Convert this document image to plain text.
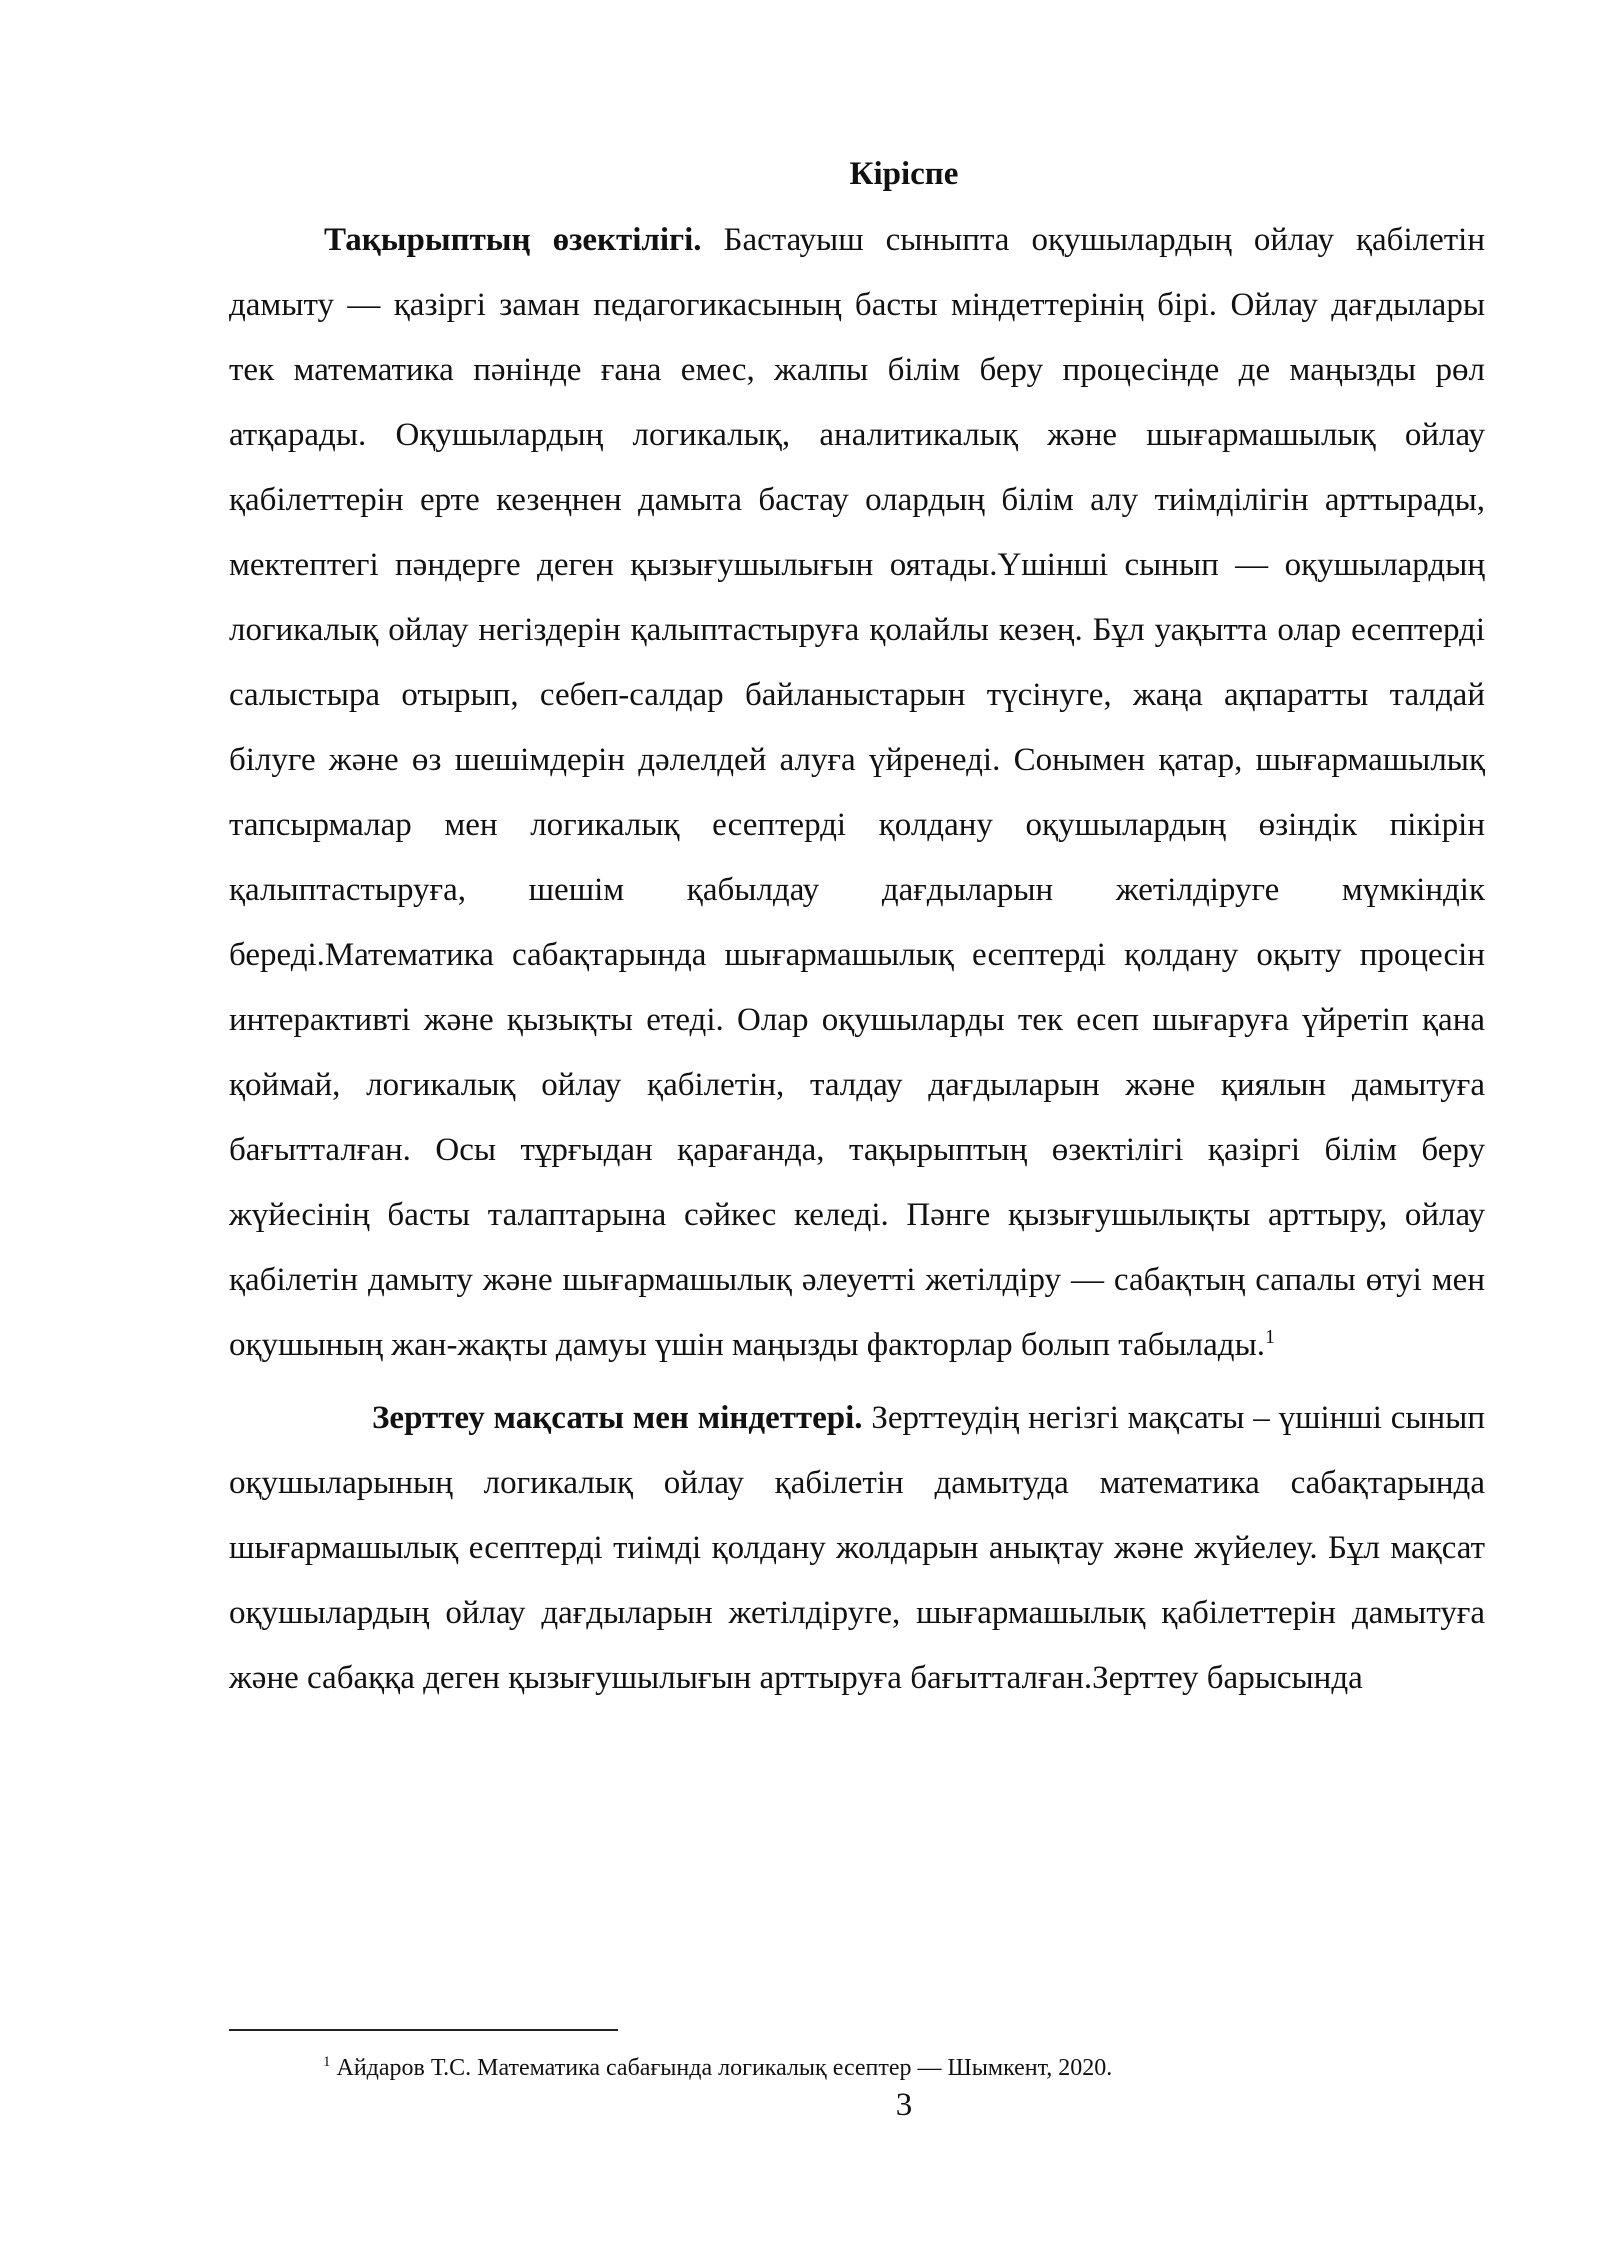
Кіріспе

Тақырыптың өзектілігі. Бастауыш сыныпта оқушылардың ойлау қабілетін дамыту — қазіргі заман педагогикасының басты міндеттерінің бірі. Ойлау дағдылары тек математика пәнінде ғана емес, жалпы білім беру процесінде де маңызды рөл атқарады. Оқушылардың логикалық, аналитикалық және шығармашылық ойлау қабілеттерін ерте кезеңнен дамыта бастау олардың білім алу тиімділігін арттырады, мектептегі пәндерге деген қызығушылығын оятады.Үшінші сынып — оқушылардың логикалық ойлау негіздерін қалыптастыруға қолайлы кезең. Бұл уақытта олар есептерді салыстыра отырып, себеп-салдар байланыстарын түсінуге, жаңа ақпаратты талдай білуге және өз шешімдерін дәлелдей алуға үйренеді. Сонымен қатар, шығармашылық тапсырмалар мен логикалық есептерді қолдану оқушылардың өзіндік пікірін қалыптастыруға, шешім қабылдау дағдыларын жетілдіруге мүмкіндік береді.Математика сабақтарында шығармашылық есептерді қолдану оқыту процесін интерактивті және қызықты етеді. Олар оқушыларды тек есеп шығаруға үйретіп қана қоймай, логикалық ойлау қабілетін, талдау дағдыларын және қиялын дамытуға бағытталған. Осы тұрғыдан қарағанда, тақырыптың өзектілігі қазіргі білім беру жүйесінің басты талаптарына сәйкес келеді. Пәнге қызығушылықты арттыру, ойлау қабілетін дамыту және шығармашылық әлеуетті жетілдіру — сабақтың сапалы өтуі мен оқушының жан-жақты дамуы үшін маңызды факторлар болып табылады.$^1$

Зерттеу мақсаты мен міндеттері. Зерттеудің негізгі мақсаты – үшінші сынып оқушыларының логикалық ойлау қабілетін дамытуда математика сабақтарында шығармашылық есептерді тиімді қолдану жолдарын анықтау және жүйелеу. Бұл мақсат оқушылардың ойлау дағдыларын жетілдіруге, шығармашылық қабілеттерін дамытуға және сабаққа деген қызығушылығын арттыруға бағытталған.Зерттеу барысында

$^1$ Айдаров Т.С. Математика сабағында логикалық есептер — Шымкент, 2020.
3
